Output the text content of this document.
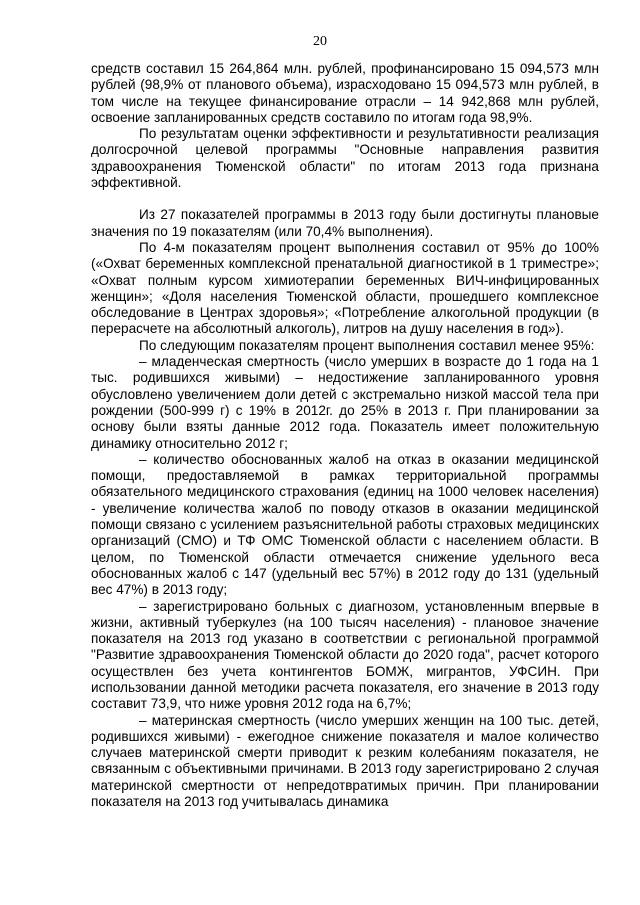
20

средств составил 15 264,864 млн. рублей, профинансировано 15 094,573 млн рублей (98,9% от планового объема), израсходовано 15 094,573 млн рублей, в том числе на текущее финансирование отрасли – 14 942,868 млн рублей, освоение запланированных средств составило по итогам года 98,9%.

По результатам оценки эффективности и результативности реализация долгосрочной целевой программы "Основные направления развития здравоохранения Тюменской области" по итогам 2013 года признана эффективной.

Из 27 показателей программы в 2013 году были достигнуты плановые значения по 19 показателям (или 70,4% выполнения).

По 4-м показателям процент выполнения составил от 95% до 100% («Охват беременных комплексной пренатальной диагностикой в 1 триместре»; «Охват полным курсом химиотерапии беременных ВИЧ-инфицированных женщин»; «Доля населения Тюменской области, прошедшего комплексное обследование в Центрах здоровья»; «Потребление алкогольной продукции (в перерасчете на абсолютный алкоголь), литров на душу населения в год»).

По следующим показателям процент выполнения составил менее 95%:

– младенческая смертность (число умерших в возрасте до 1 года на 1 тыс. родившихся живыми) – недостижение запланированного уровня обусловлено увеличением доли детей с экстремально низкой массой тела при рождении (500-999 г) с 19% в 2012г. до 25% в 2013 г. При планировании за основу были взяты данные 2012 года. Показатель имеет положительную динамику относительно 2012 г;

– количество обоснованных жалоб на отказ в оказании медицинской помощи, предоставляемой в рамках территориальной программы обязательного медицинского страхования (единиц на 1000 человек населения) - увеличение количества жалоб по поводу отказов в оказании медицинской помощи связано с усилением разъяснительной работы страховых медицинских организаций (СМО) и ТФ ОМС Тюменской области с населением области. В целом, по Тюменской области отмечается снижение удельного веса обоснованных жалоб с 147 (удельный вес 57%) в 2012 году до 131 (удельный вес 47%) в 2013 году;

– зарегистрировано больных с диагнозом, установленным впервые в жизни, активный туберкулез (на 100 тысяч населения) - плановое значение показателя на 2013 год указано в соответствии с региональной программой "Развитие здравоохранения Тюменской области до 2020 года", расчет которого осуществлен без учета контингентов БОМЖ, мигрантов, УФСИН. При использовании данной методики расчета показателя, его значение в 2013 году составит 73,9, что ниже уровня 2012 года на 6,7%;

– материнская смертность (число умерших женщин на 100 тыс. детей, родившихся живыми) - ежегодное снижение показателя и малое количество случаев материнской смерти приводит к резким колебаниям показателя, не связанным с объективными причинами. В 2013 году зарегистрировано 2 случая материнской смертности от непредотвратимых причин. При планировании показателя на 2013 год учитывалась динамика
